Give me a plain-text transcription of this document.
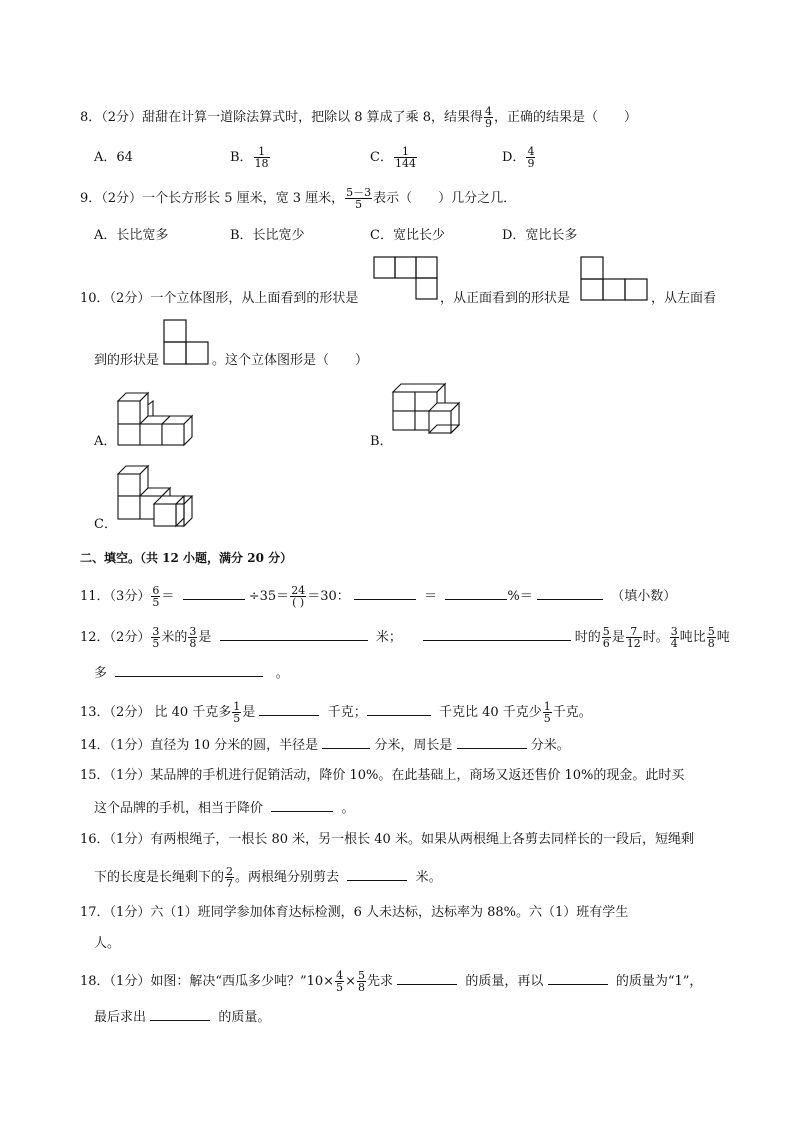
8．（2分）甜甜在计算一道除法算式时，把除以 8 算成了乘 8，结果得 $\frac{4}{9}$ ，正确的结果是（　　）
A．64	B． $\frac{1}{18}$	C． $\frac{1}{144}$	D． $\frac{4}{9}$
9．（2分）一个长方形长 5 厘米，宽 3 厘米， $\frac{5-3}{5}$ 表示（　　）几分之几．
A．长比宽多	B．长比宽少	C．宽比长少	D．宽比长多
10．（2分）一个立体图形，从上面看到的形状是	，从正面看到的形状是	，从左面看
到的形状是	。这个立体图形是（　　）
A．	B．
C．
二、填空。（共 12 小题，满分 20 分）
11．（3分） $\frac{6}{5}$ ＝	$\div 35= \frac{24}{( )} =30$：	＝	%＝	（填小数）
12．（2分） $\frac{3}{5}$ 米的 $\frac{3}{8}$ 是	米；	时的 $\frac{5}{6}$ 是 $\frac{7}{12}$ 时。 $\frac{3}{4}$ 吨比 $\frac{5}{8}$ 吨
多	。
13．（2分） 比 40 千克多 $\frac{1}{5}$ 是	千克；	千克比 40 千克少 $\frac{1}{5}$ 千克。
14．（1分）直径为 10 分米的圆，半径是	分米，周长是	分米。
15．（1分）某品牌的手机进行促销活动，降价 10%。在此基础上，商场又返还售价 10%的现金。此时买
这个品牌的手机，相当于降价	。
16．（1分）有两根绳子，一根长 80 米，另一根长 40 米。如果从两根绳上各剪去同样长的一段后，短绳剩
下的长度是长绳剩下的 $\frac{2}{7}$ 。两根绳分别剪去	米。
17．（1分）六（1）班同学参加体育达标检测，6 人未达标，达标率为 88%。六（1）班有学生
人。
18．（1分）如图：解决“西瓜多少吨？”10× $\frac{4}{5} \times \frac{5}{8}$ 先求	的质量，再以	的质量为“1”，
最后求出	的质量。
